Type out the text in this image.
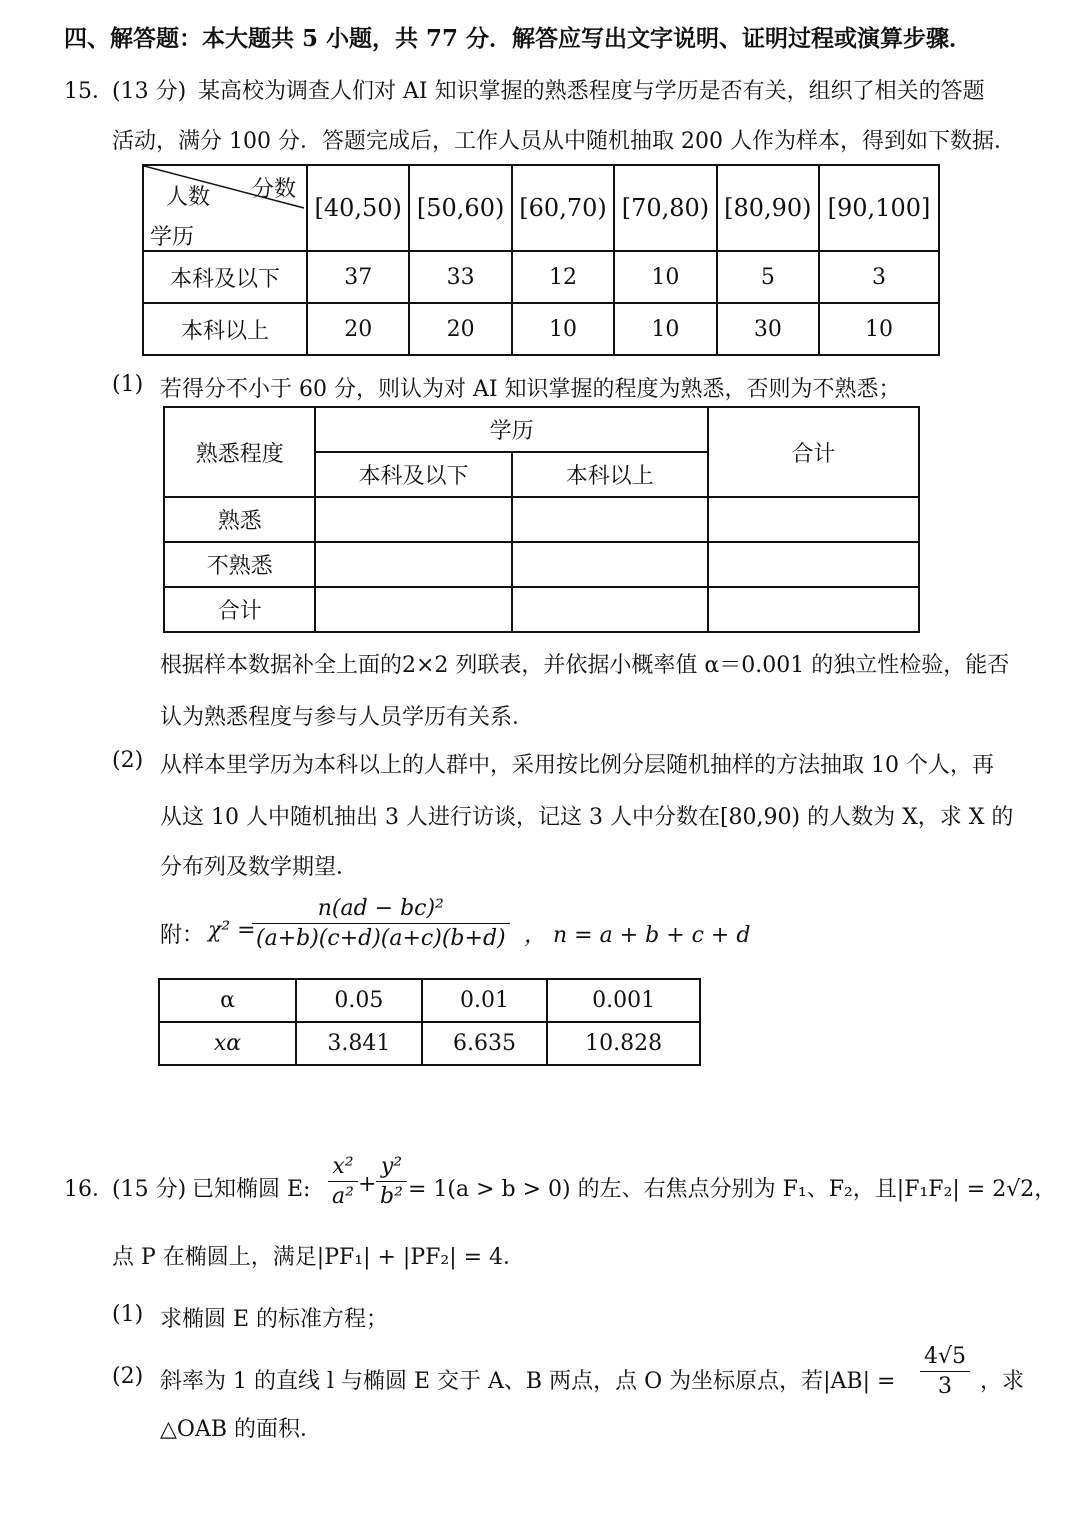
四、解答题：本大题共 5 小题，共 77 分．解答应写出文字说明、证明过程或演算步骤．
15．
(13 分) 某高校为调查人们对 AI 知识掌握的熟悉程度与学历是否有关，组织了相关的答题
活动，满分 100 分．答题完成后，工作人员从中随机抽取 200 人作为样本，得到如下数据．
人数 分数
学历	[40,50)	[50,60)	[60,70)	[70,80)	[80,90)	[90,100]
本科及以下	37	33	12	10	5	3
本科以上	20	20	10	10	30	10
(1) 若得分不小于 60 分，则认为对 AI 知识掌握的程度为熟悉，否则为不熟悉；
熟悉程度	学历		合计
	本科及以下	本科以上	
熟悉			
不熟悉			
合计			
根据样本数据补全上面的2×2 列联表，并依据小概率值 α＝0.001 的独立性检验，能否
认为熟悉程度与参与人员学历有关系．
(2) 从样本里学历为本科以上的人群中，采用按比例分层随机抽样的方法抽取 10 个人，再
从这 10 人中随机抽出 3 人进行访谈，记这 3 人中分数在[80,90) 的人数为 X，求 X 的
分布列及数学期望．
附： χ² =
$\frac{\text{n(ad − bc)²}}{(a+b)(c+d)(a+c)(b+d)}$ ， n = a + b + c + d
α	0.05	0.01	0.001
xα	3.841	6.635	10.828
16．
(15 分) 已知椭圆 E: $\frac{\text{x²}}{\text{a²}} + \frac{\text{y²}}{\text{b²}} = 1(a > b > 0)$ 的左、右焦点分别为 F₁、F₂，且|F₁F₂| = 2√2，
点 P 在椭圆上，满足|PF₁| + |PF₂| = 4．
(1) 求椭圆 E 的标准方程；
(2) 斜率为 1 的直线 l 与椭圆 E 交于 A、B 两点，点 O 为坐标原点，若$|AB| = \frac{4√5}{3}$ ，求
△OAB 的面积．
